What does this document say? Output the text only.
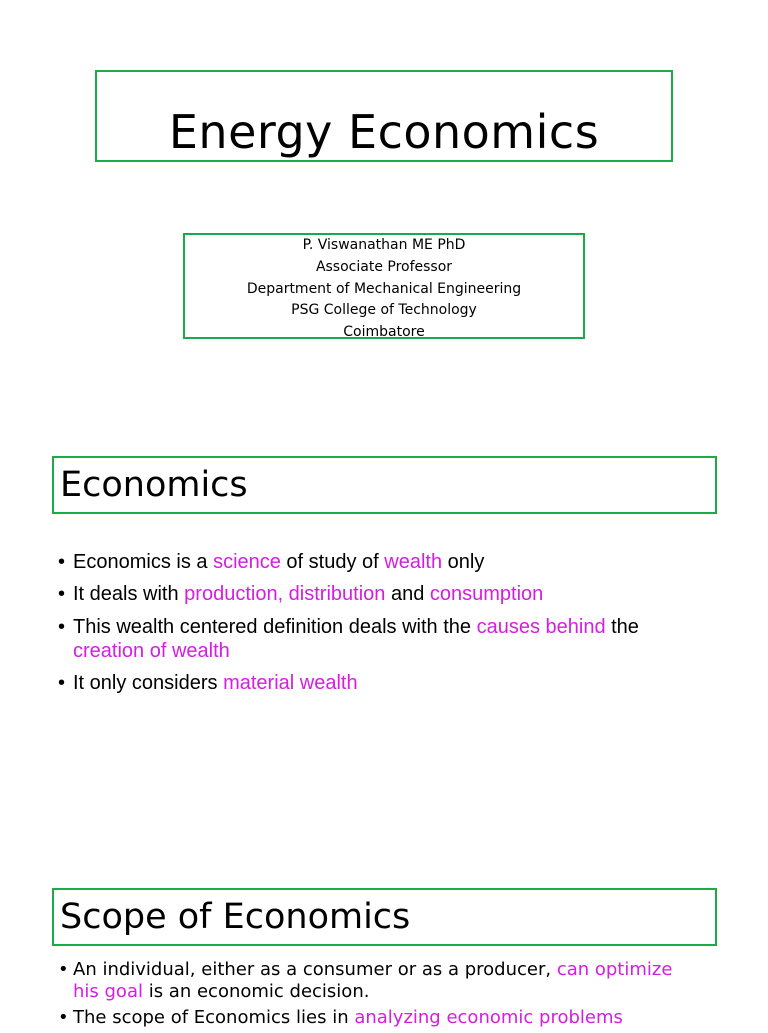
Energy Economics
P. Viswanathan ME PhD
Associate Professor
Department of Mechanical Engineering
PSG College of Technology
Coimbatore
Economics
• Economics is a science of study of wealth only
• It deals with production, distribution and consumption
• This wealth centered definition deals with the causes behind the creation of wealth
• It only considers material wealth
Scope of Economics
• An individual, either as a consumer or as a producer, can optimize his goal is an economic decision.
• The scope of Economics lies in analyzing economic problems
